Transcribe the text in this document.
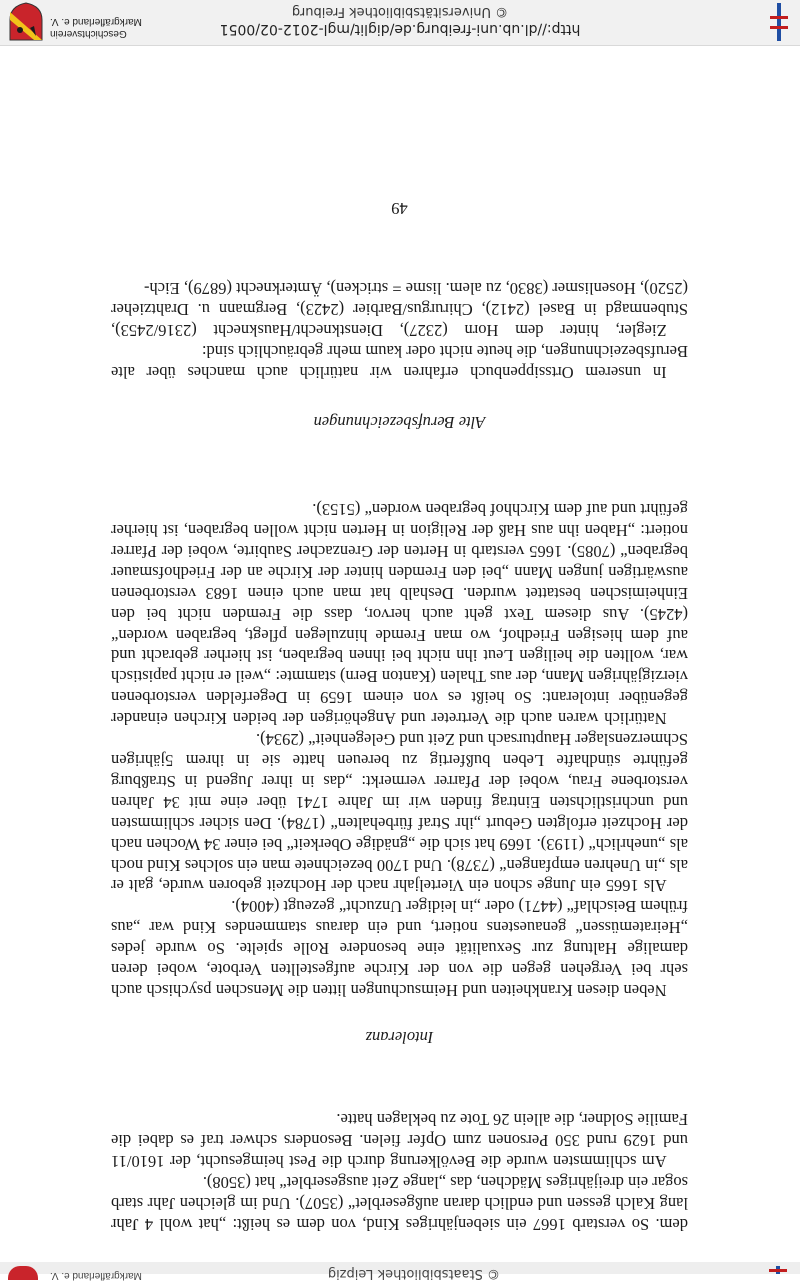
© Staatsbibliothek Leipzig
Markgräflerland e. V.

dem. So verstarb 1667 ein siebenjähriges Kind, von dem es heißt: „hat wohl 4 Jahr lang Kalch gessen und endlich daran außgeserblet“ (3507). Und im gleichen Jahr starb sogar ein dreijähriges Mädchen, das „lange Zeit ausgeserblet“ hat (3508).

Am schlimmsten wurde die Bevölkerung durch die Pest heimgesucht, der 1610/11 und 1629 rund 350 Personen zum Opfer fielen. Besonders schwer traf es dabei die Familie Soldner, die allein 26 Tote zu beklagen hatte.

Intoleranz

Neben diesen Krankheiten und Heimsuchungen litten die Menschen psychisch auch sehr bei Vergehen gegen die von der Kirche aufgestellten Verbote, wobei deren damalige Haltung zur Sexualität eine besondere Rolle spielte. So wurde jedes „Heiratemüssen“ genauestens notiert, und ein daraus stammendes Kind war „aus frühem Beischlaf“ (4471) oder „in leidiger Unzucht“ gezeugt (4004).

Als 1665 ein Junge schon ein Vierteljahr nach der Hochzeit geboren wurde, galt er als „in Unehren empfangen“ (7378). Und 1700 bezeichnete man ein solches Kind noch als „unehrlich“ (1193). 1669 hat sich die „gnädige Oberkeit“ bei einer 34 Wochen nach der Hochzeit erfolgten Geburt „ihr Straf fürbehalten“ (1784). Den sicher schlimmsten und unchristlichsten Eintrag finden wir im Jahre 1741 über eine mit 34 Jahren verstorbene Frau, wobei der Pfarrer vermerkt: „das in ihrer Jugend in Straßburg geführte sündhafte Leben bußfertig zu bereuen hatte sie in ihrem 5jährigen Schmerzenslager Hauptursach und Zeit und Gelegenheit“ (2934).

Natürlich waren auch die Vertreter und Angehörigen der beiden Kirchen einander gegenüber intolerant: So heißt es von einem 1659 in Degerfelden verstorbenen vierzigjährigen Mann, der aus Thalen (Kanton Bern) stammte: „weil er nicht papistisch war, wollten die heiligen Leut ihn nicht bei ihnen begraben, ist hierher gebracht und auf dem hiesigen Friedhof, wo man Fremde hinzulegen pflegt, begraben worden“ (4245). Aus diesem Text geht auch hervor, dass die Fremden nicht bei den Einheimischen bestattet wurden. Deshalb hat man auch einen 1683 verstorbenen auswärtigen jungen Mann „bei den Fremden hinter der Kirche an der Friedhofsmauer begraben“ (7085). 1665 verstarb in Herten der Grenzacher Saubirte, wobei der Pfarrer notiert: „Haben ihn aus Haß der Religion in Herten nicht wollen begraben, ist hierher geführt und auf dem Kirchhof begraben worden“ (5153).

Alte Berufsbezeichnungen

In unserem Ortssippenbuch erfahren wir natürlich auch manches über alte Berufsbezeichnungen, die heute nicht oder kaum mehr gebräuchlich sind:

Ziegler, hinter dem Horn (2327), Dienstknecht/Hausknecht (2316/2453), Stubenmagd in Basel (2412), Chirurgus/Barbier (2423), Bergmann u. Drahtzieher (2520), Hosenlismer (3830, zu alem. lisme = stricken), Ämterknecht (6879), Eich-

49
http://dl.ub.uni-freiburg.de/diglit/mgl-2012-02/0051
© Universitätsbibliothek Freiburg
Geschichtsverein
Markgräflerland e. V.
